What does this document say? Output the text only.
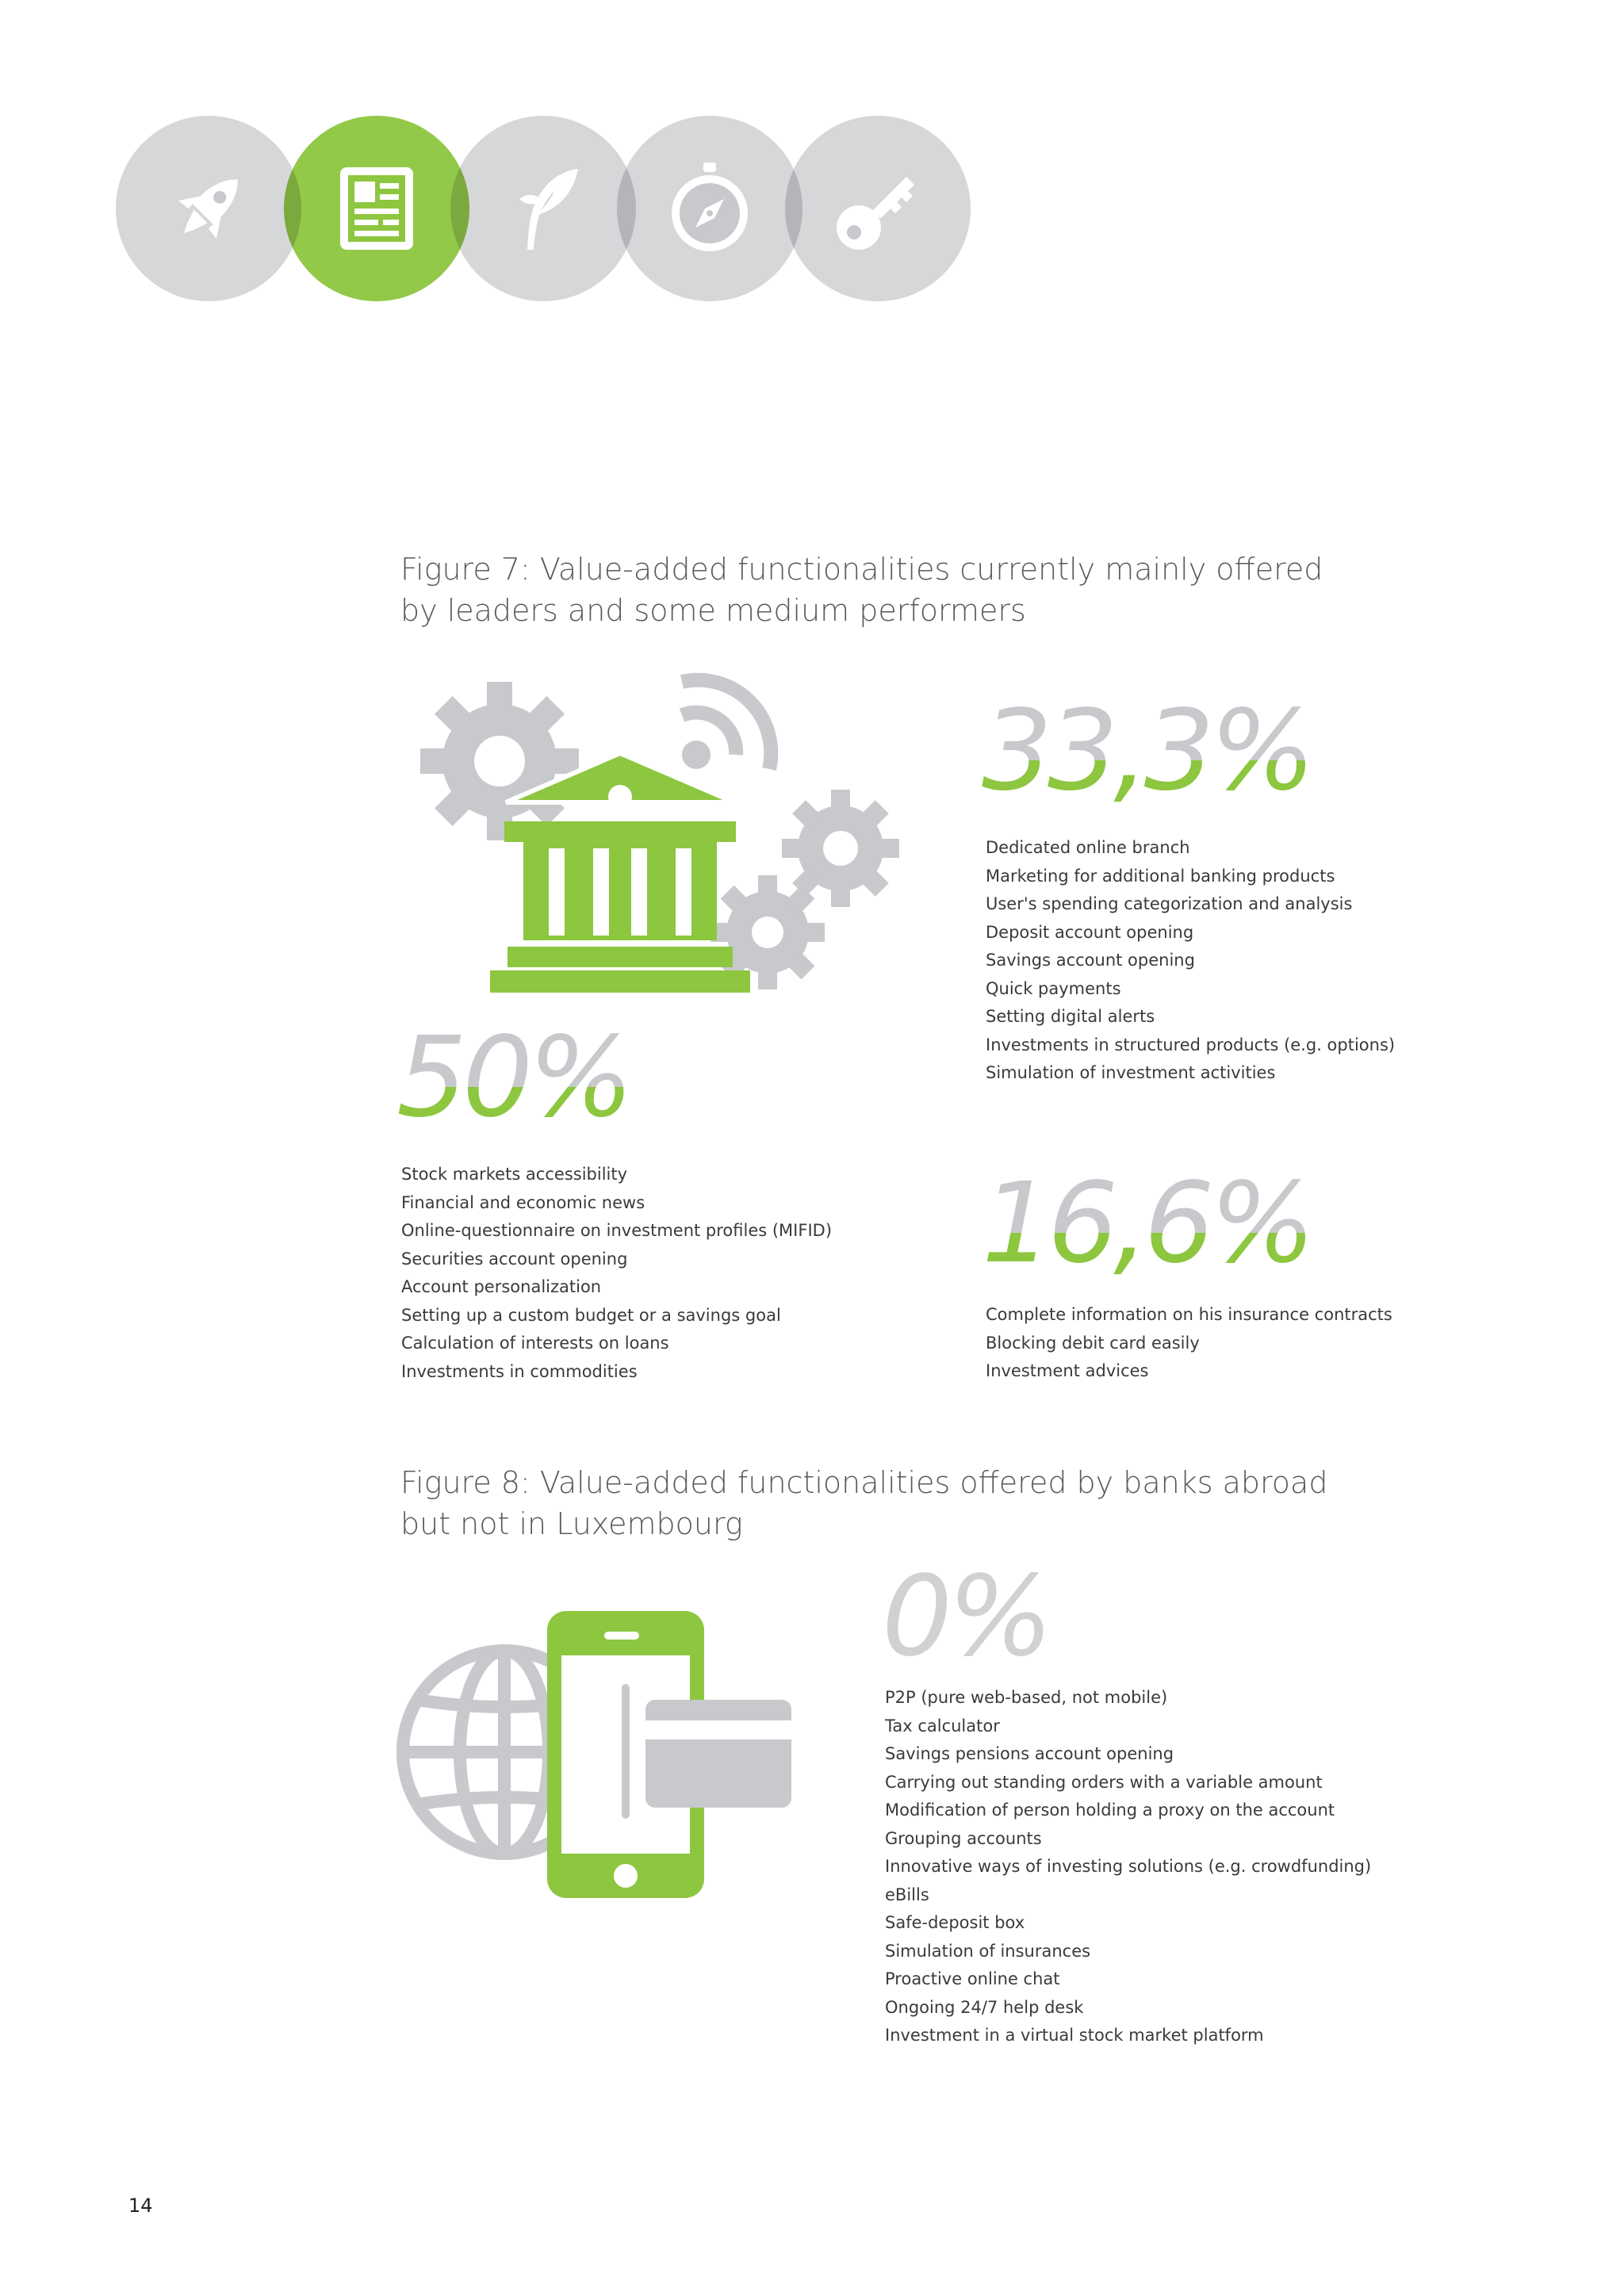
Figure 7: Value-added functionalities currently mainly offered
by leaders and some medium performers
33,3%
Dedicated online branch
Marketing for additional banking products
User's spending categorization and analysis
Deposit account opening
Savings account opening
Quick payments
Setting digital alerts
Investments in structured products (e.g. options)
Simulation of investment activities
50%
Stock markets accessibility
Financial and economic news
Online-questionnaire on investment profiles (MIFID)
Securities account opening
Account personalization
Setting up a custom budget or a savings goal
Calculation of interests on loans
Investments in commodities
16,6%
Complete information on his insurance contracts
Blocking debit card easily
Investment advices
Figure 8: Value-added functionalities offered by banks abroad
but not in Luxembourg
0%
P2P (pure web-based, not mobile)
Tax calculator
Savings pensions account opening
Carrying out standing orders with a variable amount
Modification of person holding a proxy on the account
Grouping accounts
Innovative ways of investing solutions (e.g. crowdfunding)
eBills
Safe-deposit box
Simulation of insurances
Proactive online chat
Ongoing 24/7 help desk
Investment in a virtual stock market platform
14
